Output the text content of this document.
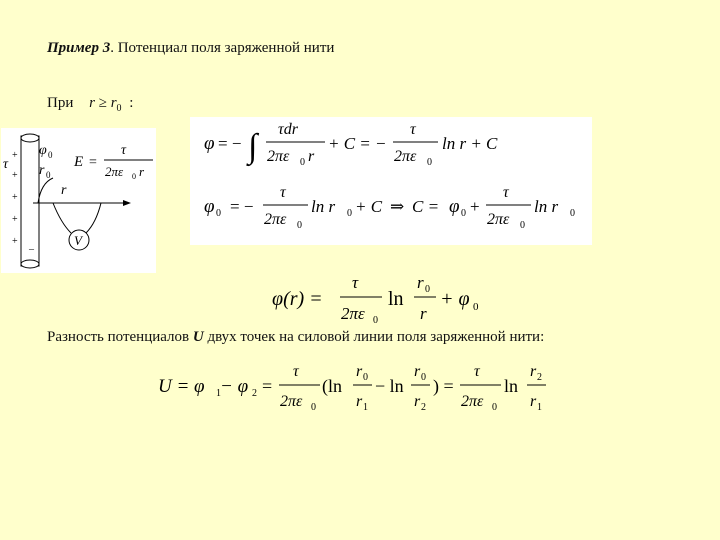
Пример 3. Потенциал поля заряженной нити
При $r \ge r_0$ :
+
+
+
+
+
–
τ
φ 0
r 0
E =
τ
2πε 0 r
r
V
φ = − ∫ τdr
2πε 0 r
+ C = −
τ
2πε 0
ln r + C
φ 0 = −
τ
2πε 0
ln r 0 + C ⇒ C = φ 0 +
τ
2πε 0
ln r 0
φ(r) =
τ
2πε 0
ln
r 0
r
+ φ 0
Разность потенциалов U двух точек на силовой линии поля заряженной нити:
U = φ 1 − φ 2 =
τ
2πε 0
(ln
r 0
r 1
− ln
r 0
r 2
) =
τ
2πε 0
ln
r 2
r 1
